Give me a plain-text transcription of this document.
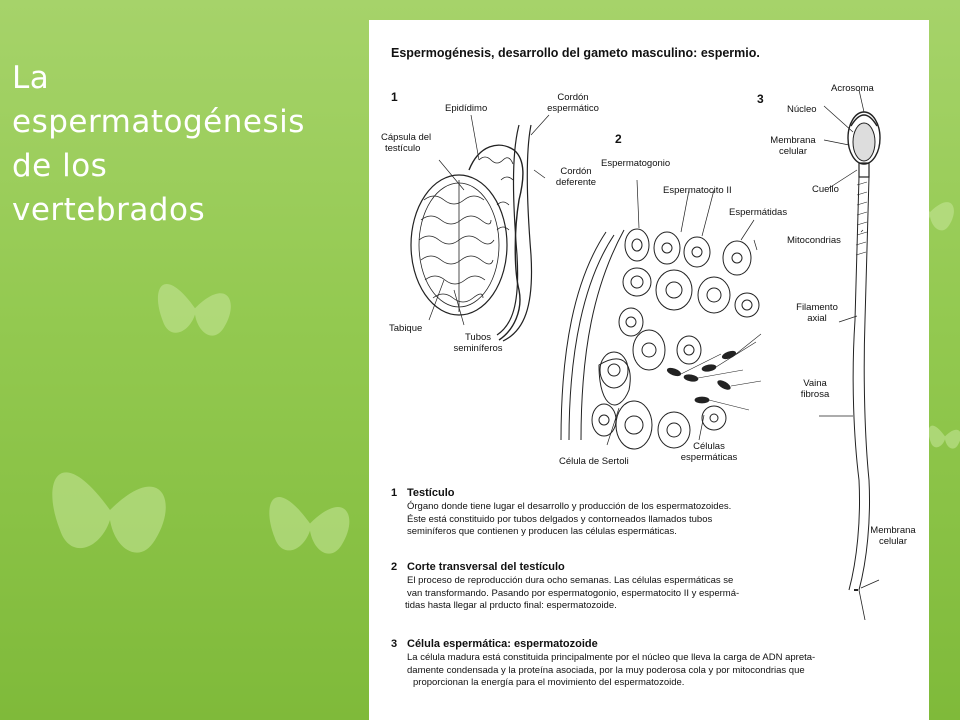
La
espermatogénesis
de los
vertebrados
Espermogénesis, desarrollo del gameto masculino: espermio.
1
2
3
Epidídimo
Cordón
espermático
Cápsula del
testículo
Cordón
deferente
Tabique
Tubos
seminíferos
Espermatogonio
Espermatocito II
Espermátidas
Célula de Sertoli
Células
espermáticas
Acrosoma
Núcleo
Membrana
celular
Cuello
Mitocondrias
Filamento
axial
Vaina
fibrosa
Membrana
celular
1 Testículo
Órgano donde tiene lugar el desarrollo y producción de los espermatozoides.
Éste está constituido por tubos delgados y contorneados llamados tubos
seminíferos que contienen y producen las células espermáticas.
2 Corte transversal del testículo
El proceso de reproducción dura ocho semanas. Las células espermáticas se
van transformando. Pasando por espermatogonio, espermatocito II y espermá-
tidas hasta llegar al prducto final: espermatozoide.
3 Célula espermática: espermatozoide
La célula madura está constituida principalmente por el núcleo que lleva la carga de ADN apreta-
damente condensada y la proteína asociada, por la muy poderosa cola y por mitocondrias que
proporcionan la energía para el movimiento del espermatozoide.
